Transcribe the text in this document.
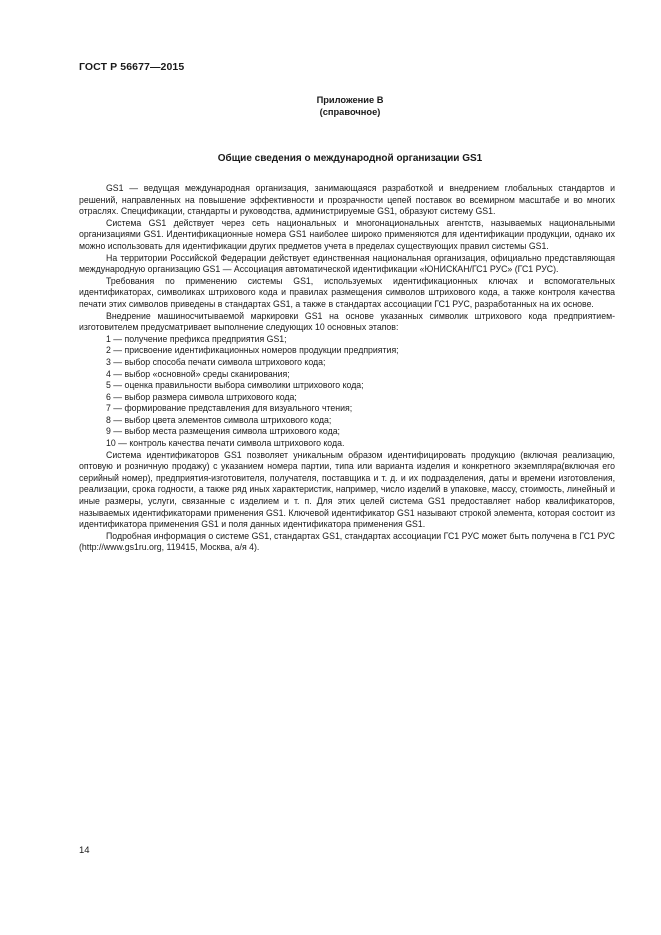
ГОСТ Р 56677—2015
Приложение В
(справочное)
Общие сведения о международной организации GS1

GS1 — ведущая международная организация, занимающаяся разработкой и внедрением глобальных стандартов и решений, направленных на повышение эффективности и прозрачности цепей поставок во всемирном масштабе и во многих отраслях. Спецификации, стандарты и руководства, администрируемые GS1, образуют систему GS1.

Система GS1 действует через сеть национальных и многонациональных агентств, называемых национальными организациями GS1. Идентификационные номера GS1 наиболее широко применяются для идентификации продукции, однако их можно использовать для идентификации других предметов учета в пределах существующих правил системы GS1.

На территории Российской Федерации действует единственная национальная организация, официально представляющая международную организацию GS1 — Ассоциация автоматической идентификации «ЮНИСКАН/ГС1 РУС» (ГС1 РУС).

Требования по применению системы GS1, используемых идентификационных ключах и вспомогательных идентификаторах, символиках штрихового кода и правилах размещения символов штрихового кода, а также контроля качества печати этих символов приведены в стандартах GS1, а также в стандартах ассоциации ГС1 РУС, разработанных на их основе.

Внедрение машиносчитываемой маркировки GS1 на основе указанных символик штрихового кода предприятием-изготовителем предусматривает выполнение следующих 10 основных этапов:

1 — получение префикса предприятия GS1;
2 — присвоение идентификационных номеров продукции предприятия;
3 — выбор способа печати символа штрихового кода;
4 — выбор «основной» среды сканирования;
5 — оценка правильности выбора символики штрихового кода;
6 — выбор размера символа штрихового кода;
7 — формирование представления для визуального чтения;
8 — выбор цвета элементов символа штрихового кода;
9 — выбор места размещения символа штрихового кода;
10 — контроль качества печати символа штрихового кода.

Система идентификаторов GS1 позволяет уникальным образом идентифицировать продукцию (включая реализацию, оптовую и розничную продажу) с указанием номера партии, типа или варианта изделия и конкретного экземпляра(включая его серийный номер), предприятия-изготовителя, получателя, поставщика и т. д. и их подразделения, даты и времени изготовления, реализации, срока годности, а также ряд иных характеристик, например, число изделий в упаковке, массу, стоимость, линейный и иные размеры, услуги, связанные с изделием и т. п. Для этих целей система GS1 предоставляет набор квалификаторов, называемых идентификаторами применения GS1. Ключевой идентификатор GS1 называют строкой элемента, которая состоит из идентификатора применения GS1 и поля данных идентификатора применения GS1.

Подробная информация о системе GS1, стандартах GS1, стандартах ассоциации ГС1 РУС может быть получена в ГС1 РУС (http://www.gs1ru.org, 119415, Москва, а/я 4).

14
